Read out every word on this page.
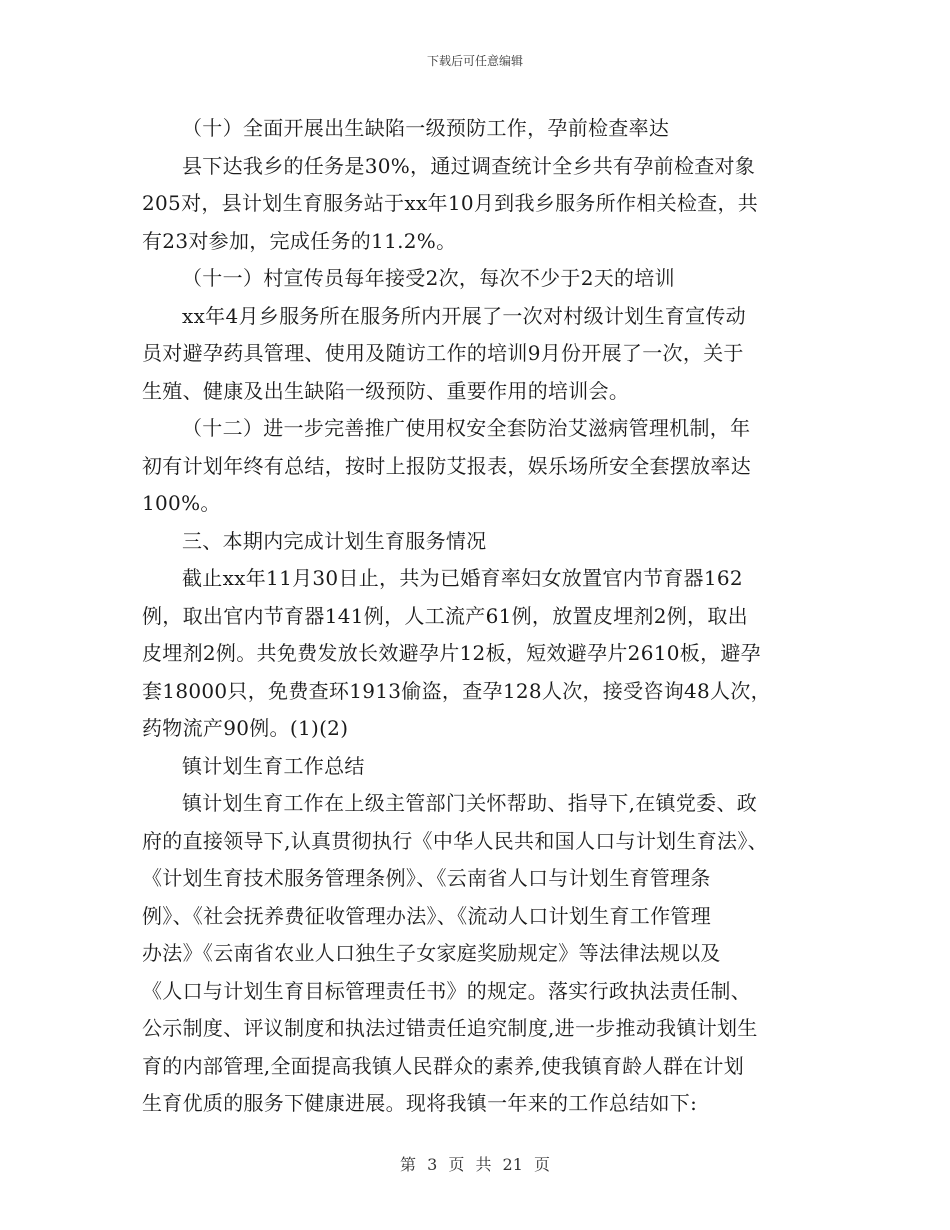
下载后可任意编辑
（十）全面开展出生缺陷一级预防工作，孕前检查率达
县下达我乡的任务是30%，通过调查统计全乡共有孕前检查对象
205对，县计划生育服务站于xx年10月到我乡服务所作相关检查，共
有23对参加，完成任务的11.2%。
（十一）村宣传员每年接受2次，每次不少于2天的培训
xx年4月乡服务所在服务所内开展了一次对村级计划生育宣传动
员对避孕药具管理、使用及随访工作的培训9月份开展了一次，关于
生殖、健康及出生缺陷一级预防、重要作用的培训会。
（十二）进一步完善推广使用权安全套防治艾滋病管理机制，年
初有计划年终有总结，按时上报防艾报表，娱乐场所安全套摆放率达
100%。
三、本期内完成计划生育服务情况
截止xx年11月30日止，共为已婚育率妇女放置官内节育器162
例，取出官内节育器141例，人工流产61例，放置皮埋剂2例，取出
皮埋剂2例。共免费发放长效避孕片12板，短效避孕片2610板，避孕
套18000只，免费查环1913偷盗，查孕128人次，接受咨询48人次，
药物流产90例。(1)(2)
镇计划生育工作总结
镇计划生育工作在上级主管部门关怀帮助、指导下,在镇党委、政
府的直接领导下,认真贯彻执行《中华人民共和国人口与计划生育法》、
《计划生育技术服务管理条例》、《云南省人口与计划生育管理条
例》、《社会抚养费征收管理办法》、《流动人口计划生育工作管理
办法》《云南省农业人口独生子女家庭奖励规定》等法律法规以及
《人口与计划生育目标管理责任书》的规定。落实行政执法责任制、
公示制度、评议制度和执法过错责任追究制度,进一步推动我镇计划生
育的内部管理,全面提高我镇人民群众的素养,使我镇育龄人群在计划
生育优质的服务下健康进展。现将我镇一年来的工作总结如下:
第 3 页 共 21 页
